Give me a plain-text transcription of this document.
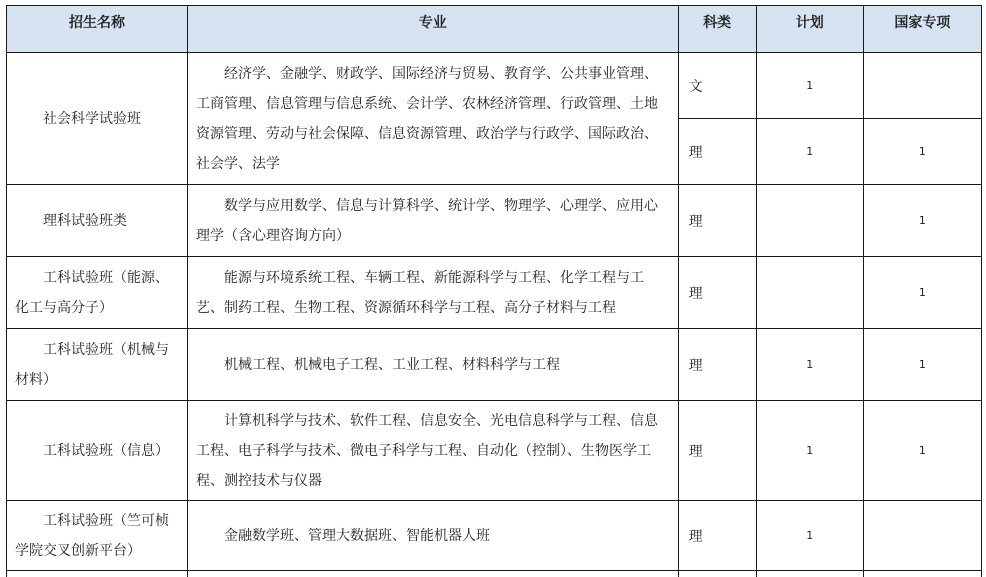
招生名称	专业	科类	计划	国家专项
社会科学试验班	经济学、金融学、财政学、国际经济与贸易、教育学、公共事业管理、工商管理、信息管理与信息系统、会计学、农林经济管理、行政管理、土地资源管理、劳动与社会保障、信息资源管理、政治学与行政学、国际政治、社会学、法学	文	1	
		理	1	1
理科试验班类	数学与应用数学、信息与计算科学、统计学、物理学、心理学、应用心理学（含心理咨询方向）	理		1
工科试验班（能源、化工与高分子）	能源与环境系统工程、车辆工程、新能源科学与工程、化学工程与工艺、制药工程、生物工程、资源循环科学与工程、高分子材料与工程	理		1
工科试验班（机械与材料）	机械工程、机械电子工程、工业工程、材料科学与工程	理	1	1
工科试验班（信息）	计算机科学与技术、软件工程、信息安全、光电信息科学与工程、信息工程、电子科学与技术、微电子科学与工程、自动化（控制）、生物医学工程、测控技术与仪器	理	1	1
工科试验班（竺可桢学院交叉创新平台）	金融数学班、管理大数据班、智能机器人班	理	1	
